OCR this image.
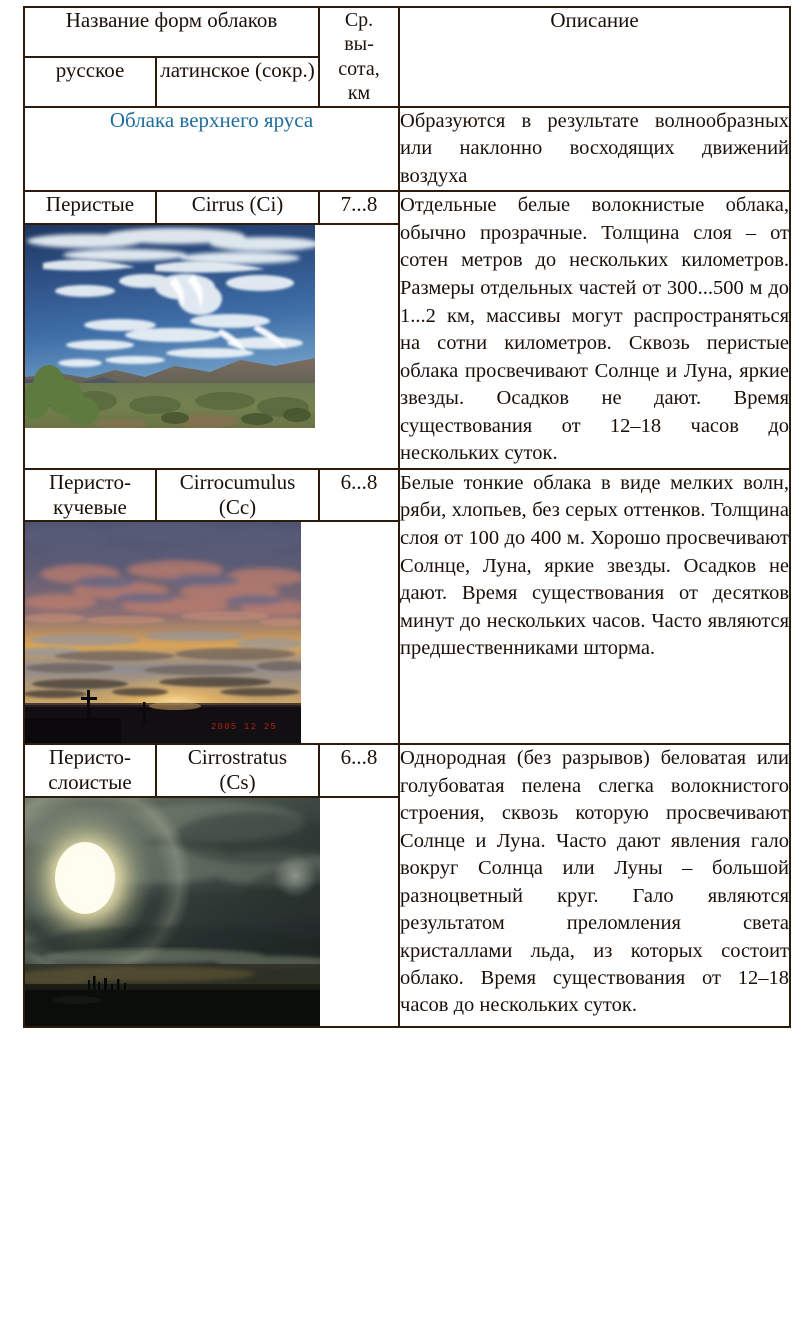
Название форм облаков		Ср.
вы-
сота,
км	Описание
русское	латинское (сокр.)		
Облака верхнего яруса			Образуются в результате волнообразных или наклонно восходящих движений воздуха
Перистые	Cirrus (Ci)	7...8	Отдельные белые волокнистые облака, обычно прозрачные. Толщина слоя – от сотен метров до нескольких километров. Размеры отдельных частей от 300...500 м до 1...2 км, массивы могут распространяться на сотни километров. Сквозь перистые облака просвечивают Солнце и Луна, яркие звезды. Осадков не дают. Время существования от 12–18 часов до нескольких суток.

Перисто-
кучевые	Cirrocumulus
(Cc)	6...8	Белые тонкие облака в виде мелких волн, ряби, хлопьев, без серых оттенков. Толщина слоя от 100 до 400 м. Хорошо просвечивают Солнце, Луна, яркие звезды. Осадков не дают. Время существования от десятков минут до нескольких часов. Часто являются предшественниками шторма.

2005 12 25			

Перисто-
слоистые	Cirrostratus
(Cs)	6...8	Однородная (без разрывов) беловатая или голубоватая пелена слегка волокнистого строения, сквозь которую просвечивают Солнце и Луна. Часто дают явления гало вокруг Солнца или Луны – большой разноцветный круг. Гало являются результатом преломления света кристаллами льда, из которых состоит облако. Время существования от 12–18 часов до нескольких суток.
